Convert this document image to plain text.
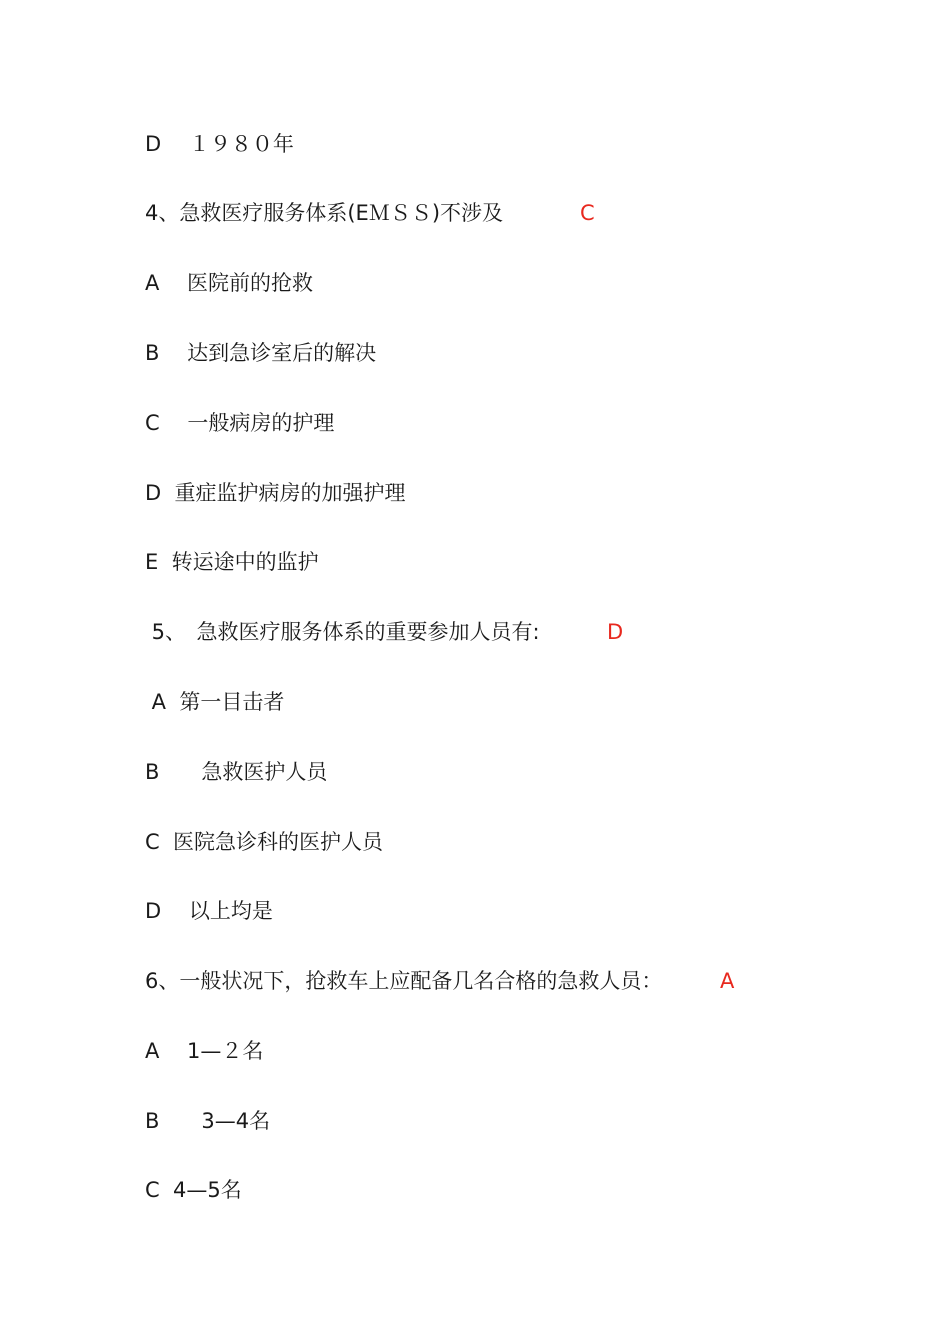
D　 １９８０年
4、急救医疗服务体系(EＭＳＳ)不涉及	C
A　 医院前的抢救
B　 达到急诊室后的解决
C　 一般病房的护理
D  重症监护病房的加强护理
E  转运途中的监护
5、　急救医疗服务体系的重要参加人员有:	D
A  第一目击者
B　　急救医护人员
C  医院急诊科的医护人员
D　 以上均是
6、一般状况下，抢救车上应配备几名合格的急救人员：	A
A　 1—２名
B　　3—4名
C  4—5名
